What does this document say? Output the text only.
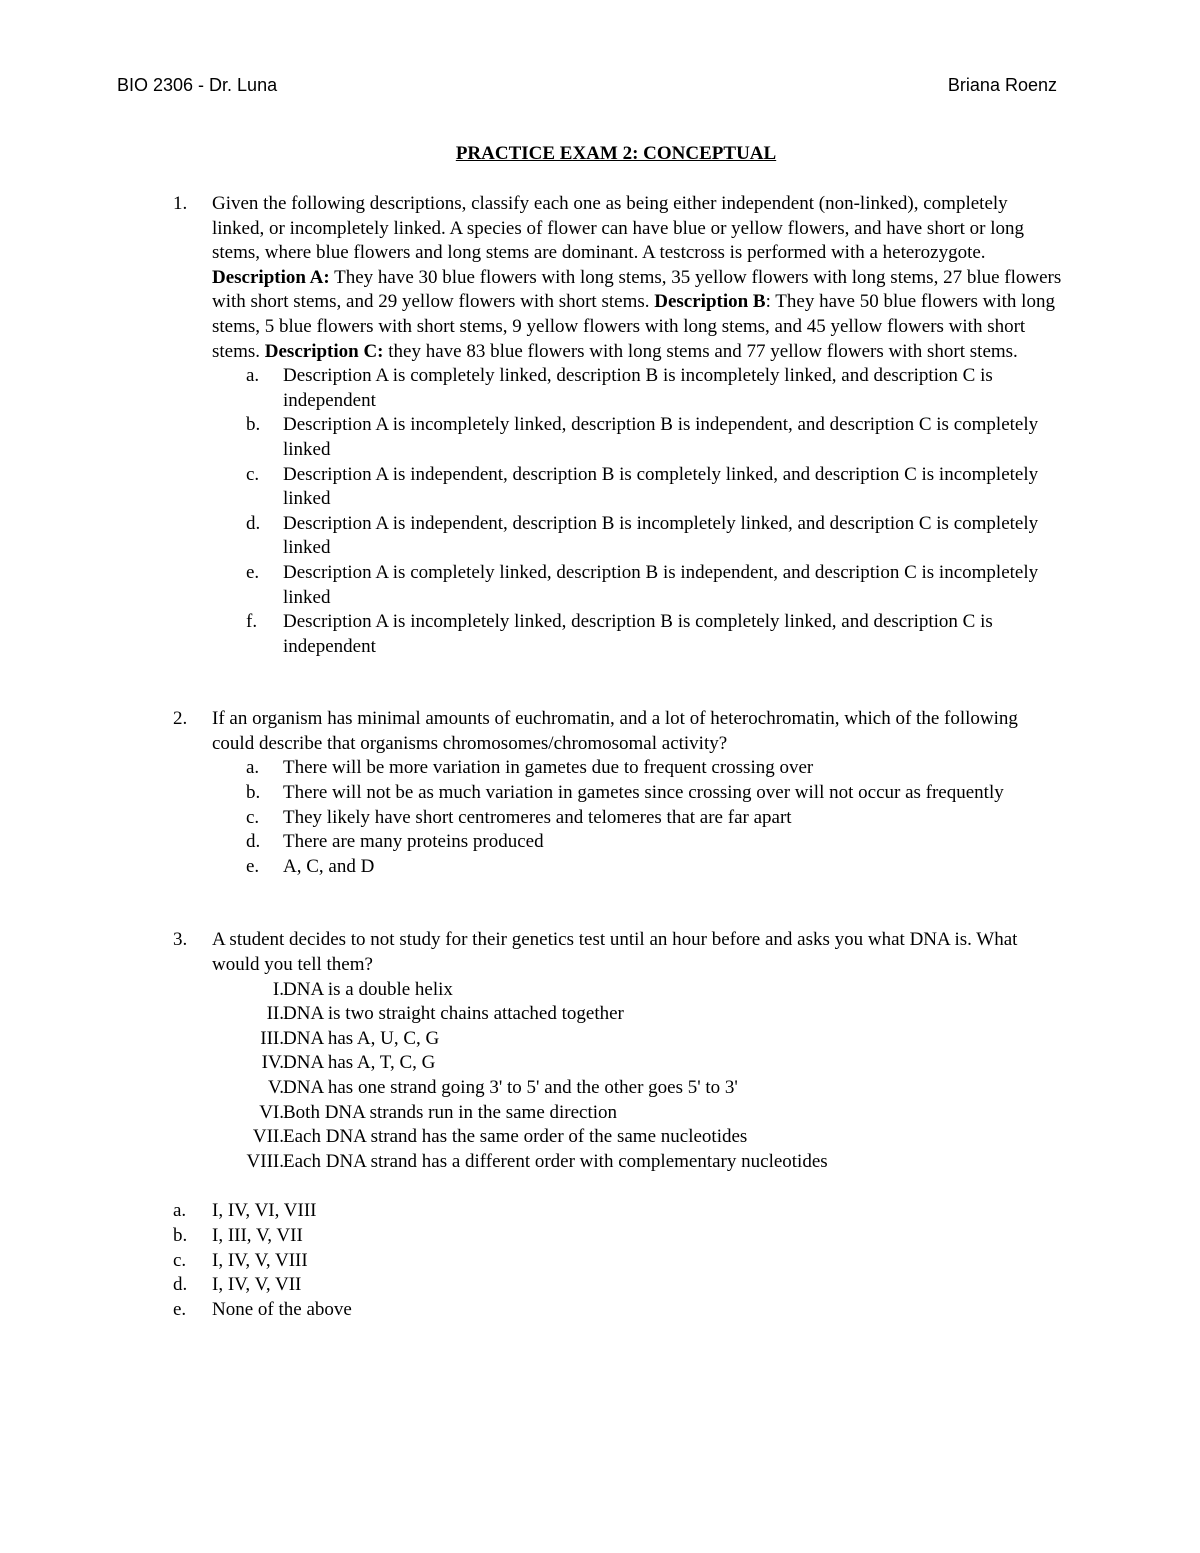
BIO 2306 - Dr. Luna	Briana Roenz
PRACTICE EXAM 2: CONCEPTUAL
1. Given the following descriptions, classify each one as being either independent (non-linked), completely linked, or incompletely linked. A species of flower can have blue or yellow flowers, and have short or long stems, where blue flowers and long stems are dominant. A testcross is performed with a heterozygote. Description A: They have 30 blue flowers with long stems, 35 yellow flowers with long stems, 27 blue flowers with short stems, and 29 yellow flowers with short stems. Description B: They have 50 blue flowers with long stems, 5 blue flowers with short stems, 9 yellow flowers with long stems, and 45 yellow flowers with short stems. Description C: they have 83 blue flowers with long stems and 77 yellow flowers with short stems.
a. Description A is completely linked, description B is incompletely linked, and description C is independent
b. Description A is incompletely linked, description B is independent, and description C is completely linked
c. Description A is independent, description B is completely linked, and description C is incompletely linked
d. Description A is independent, description B is incompletely linked, and description C is completely linked
e. Description A is completely linked, description B is independent, and description C is incompletely linked
f. Description A is incompletely linked, description B is completely linked, and description C is independent
2. If an organism has minimal amounts of euchromatin, and a lot of heterochromatin, which of the following could describe that organisms chromosomes/chromosomal activity?
a. There will be more variation in gametes due to frequent crossing over
b. There will not be as much variation in gametes since crossing over will not occur as frequently
c. They likely have short centromeres and telomeres that are far apart
d. There are many proteins produced
e. A, C, and D
3. A student decides to not study for their genetics test until an hour before and asks you what DNA is. What would you tell them?
I. DNA is a double helix
II. DNA is two straight chains attached together
III. DNA has A, U, C, G
IV. DNA has A, T, C, G
V. DNA has one strand going 3' to 5' and the other goes 5' to 3'
VI. Both DNA strands run in the same direction
VII. Each DNA strand has the same order of the same nucleotides
VIII. Each DNA strand has a different order with complementary nucleotides
a. I, IV, VI, VIII
b. I, III, V, VII
c. I, IV, V, VIII
d. I, IV, V, VII
e. None of the above
